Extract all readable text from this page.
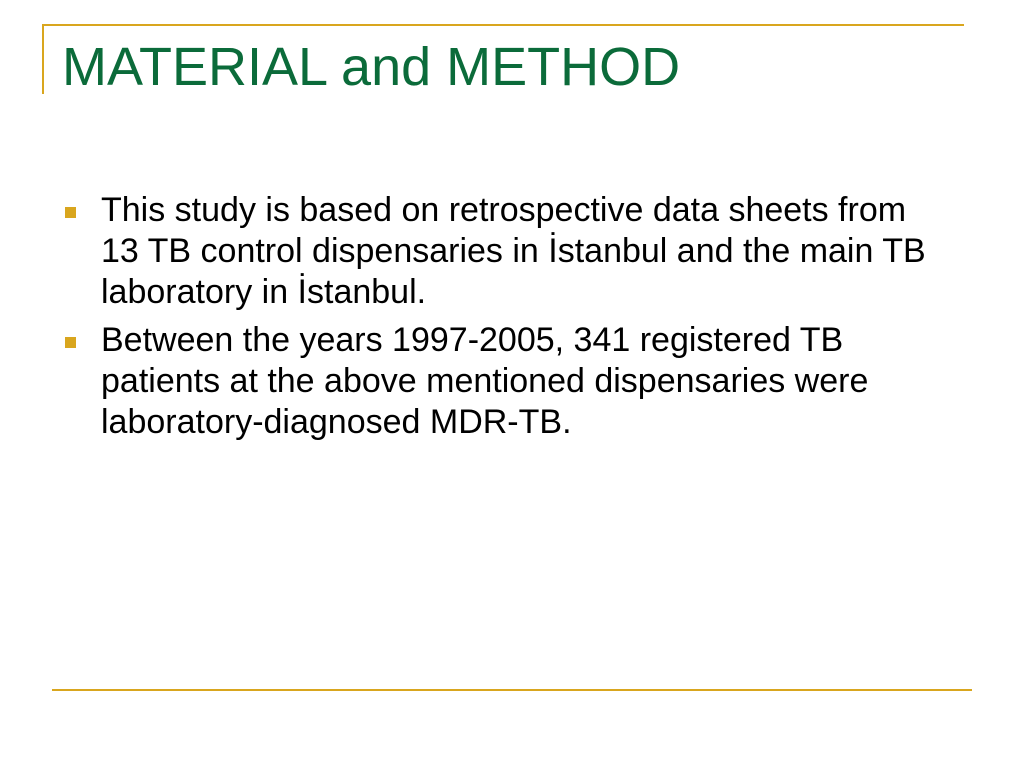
MATERIAL and METHOD
This study is based on retrospective data sheets from 13 TB control dispensaries in İstanbul and the main TB laboratory in İstanbul.
Between the years 1997-2005, 341 registered TB patients at the above mentioned dispensaries were laboratory-diagnosed MDR-TB.
